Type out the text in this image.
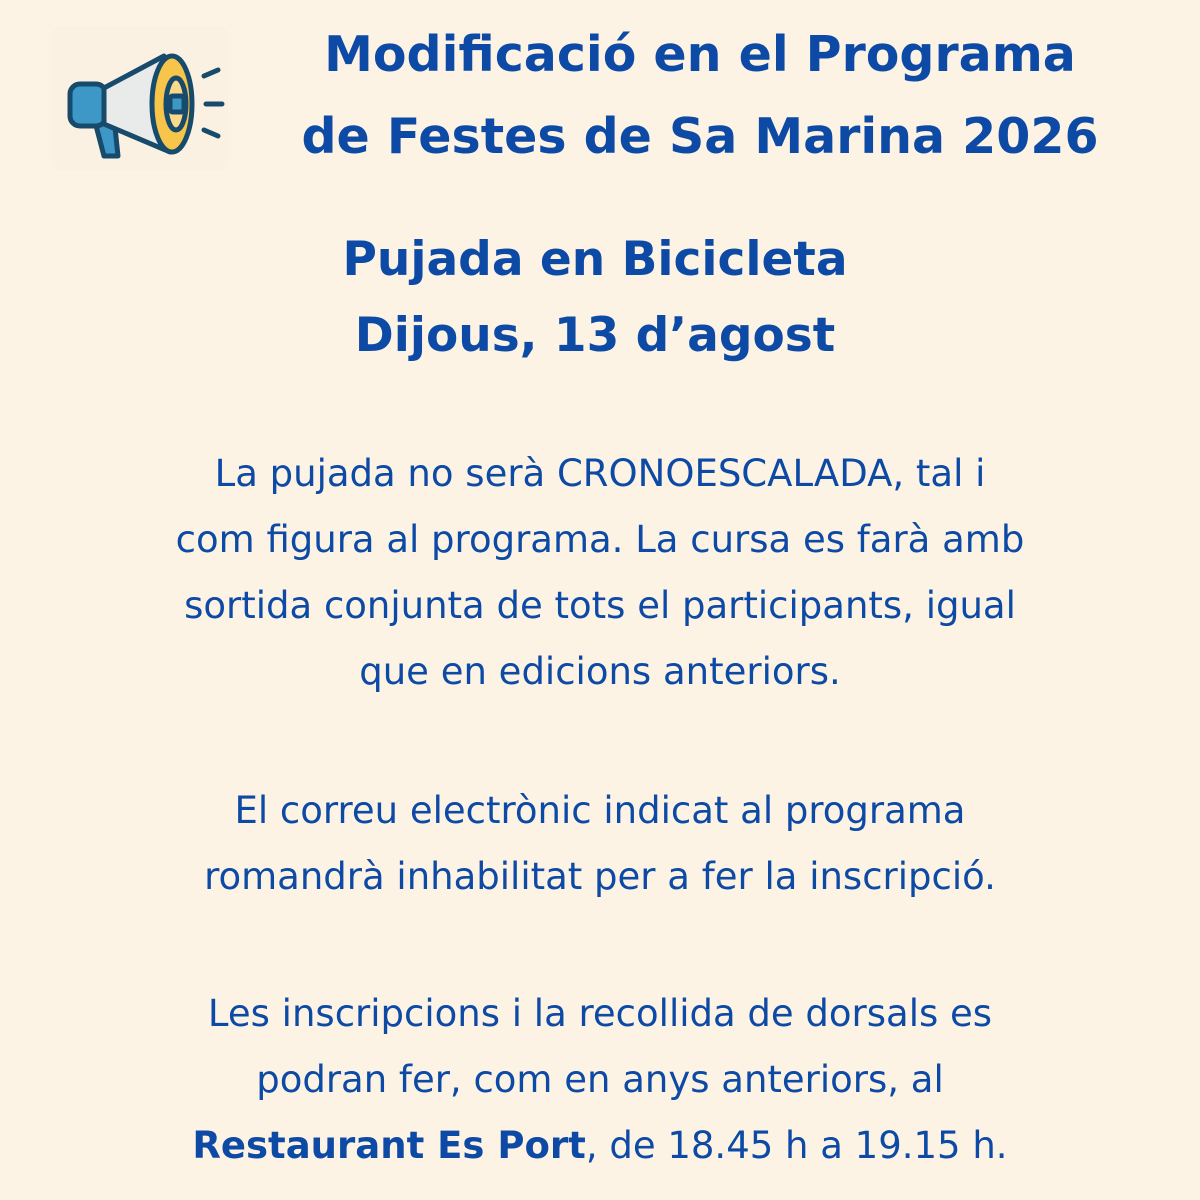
Modificació en el Programa
de Festes de Sa Marina 2026
Pujada en Bicicleta
Dijous, 13 d’agost
La pujada no serà CRONOESCALADA, tal i
com figura al programa. La cursa es farà amb
sortida conjunta de tots el participants, igual
que en edicions anteriors.
El correu electrònic indicat al programa
romandrà inhabilitat per a fer la inscripció.
Les inscripcions i la recollida de dorsals es
podran fer, com en anys anteriors, al
Restaurant Es Port, de 18.45 h a 19.15 h.
